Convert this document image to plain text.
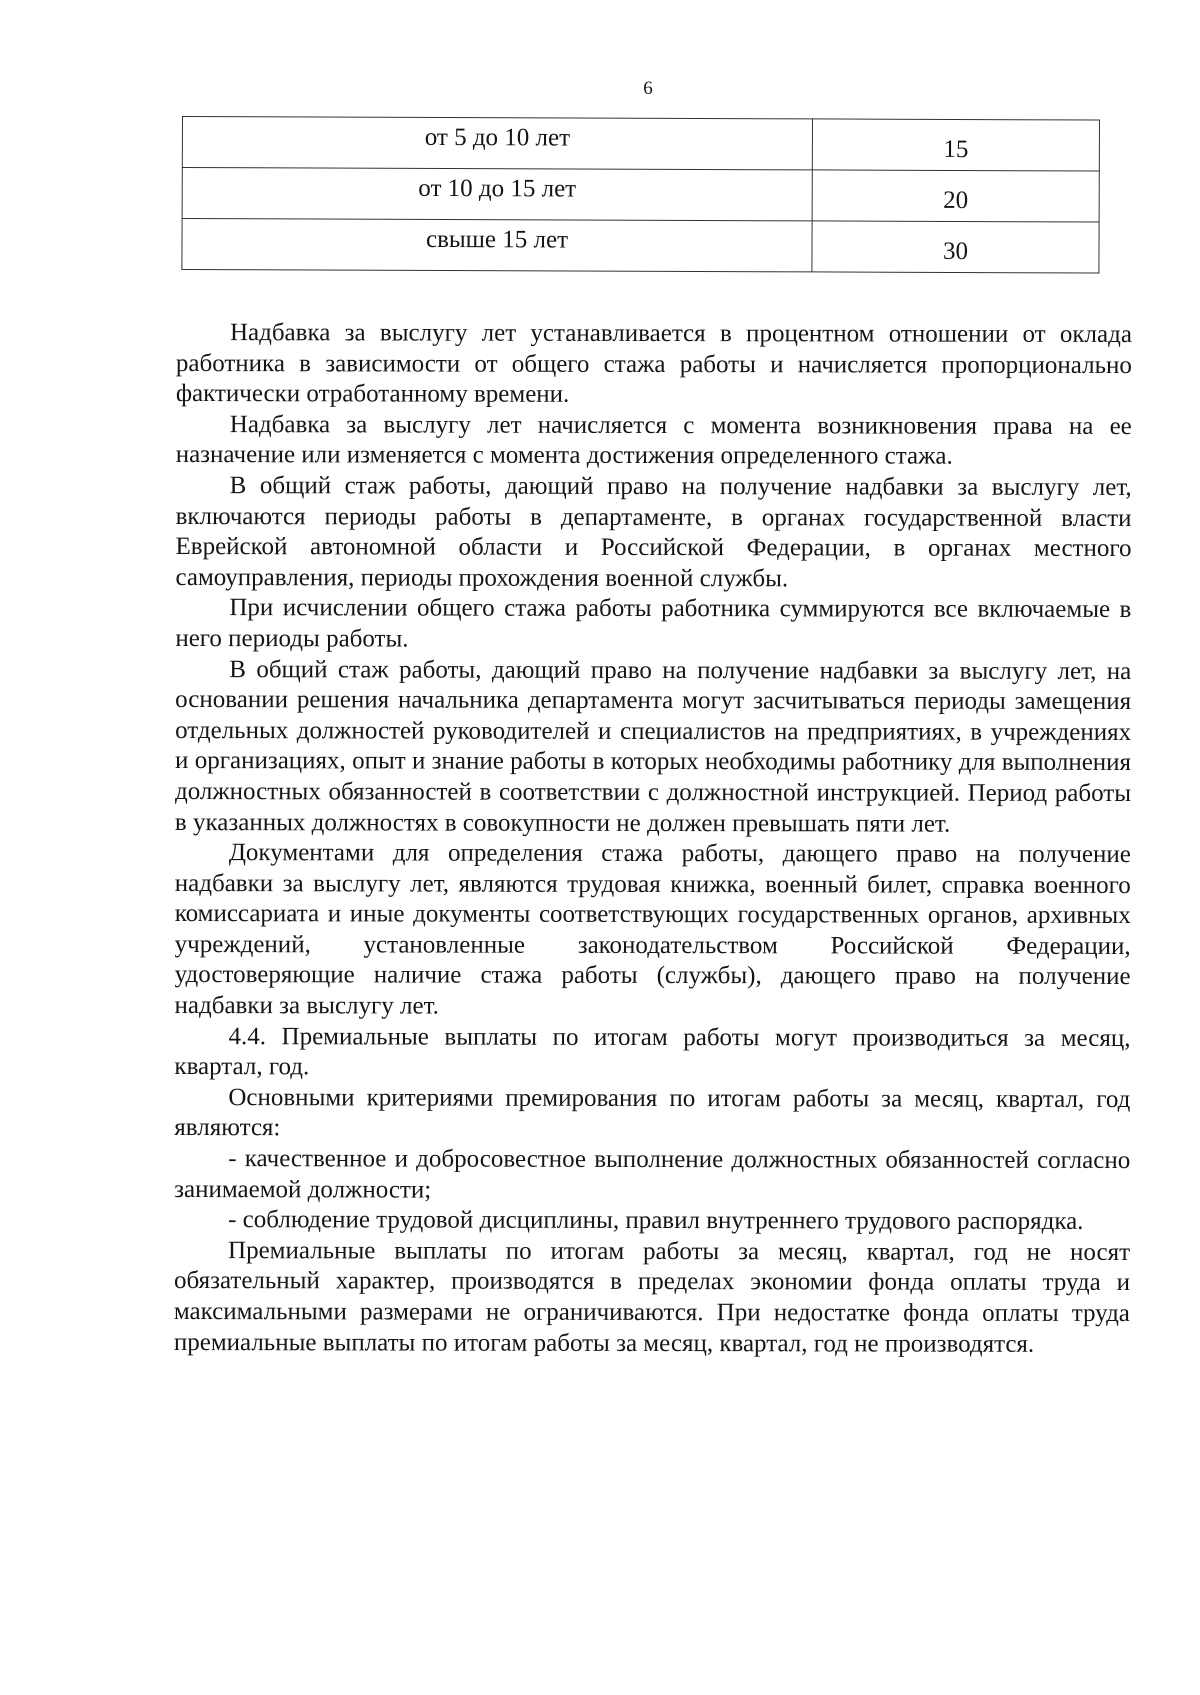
6
от 5 до 10 лет	15
от 10 до 15 лет	20
свыше 15 лет	30

Надбавка за выслугу лет устанавливается в процентном отношении от оклада работника в зависимости от общего стажа работы и начисляется пропорционально фактически отработанному времени.

Надбавка за выслугу лет начисляется с момента возникновения права на ее назначение или изменяется с момента достижения определенного стажа.

В общий стаж работы, дающий право на получение надбавки за выслугу лет, включаются периоды работы в департаменте, в органах государственной власти Еврейской автономной области и Российской Федерации, в органах местного самоуправления, периоды прохождения военной службы.

При исчислении общего стажа работы работника суммируются все включаемые в него периоды работы.

В общий стаж работы, дающий право на получение надбавки за выслугу лет, на основании решения начальника департамента могут засчитываться периоды замещения отдельных должностей руководителей и специалистов на предприятиях, в учреждениях и организациях, опыт и знание работы в которых необходимы работнику для выполнения должностных обязанностей в соответствии с должностной инструкцией. Период работы в указанных должностях в совокупности не должен превышать пяти лет.

Документами для определения стажа работы, дающего право на получение надбавки за выслугу лет, являются трудовая книжка, военный билет, справка военного комиссариата и иные документы соответствующих государственных органов, архивных учреждений, установленные законодательством Российской Федерации, удостоверяющие наличие стажа работы (службы), дающего право на получение надбавки за выслугу лет.

4.4. Премиальные выплаты по итогам работы могут производиться за месяц, квартал, год.

Основными критериями премирования по итогам работы за месяц, квартал, год являются:

- качественное и добросовестное выполнение должностных обязанностей согласно занимаемой должности;

- соблюдение трудовой дисциплины, правил внутреннего трудового распорядка.

Премиальные выплаты по итогам работы за месяц, квартал, год не носят обязательный характер, производятся в пределах экономии фонда оплаты труда и максимальными размерами не ограничиваются. При недостатке фонда оплаты труда премиальные выплаты по итогам работы за месяц, квартал, год не производятся.
